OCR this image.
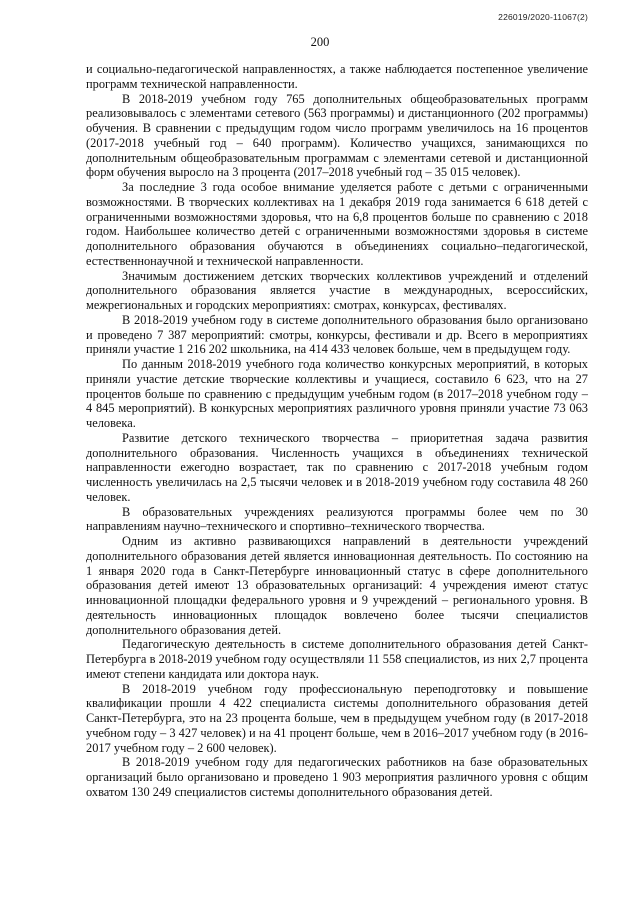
226019/2020-11067(2)
200

и социально-педагогической направленностях, а также наблюдается постепенное увеличение программ технической направленности.

В 2018-2019 учебном году 765 дополнительных общеобразовательных программ реализовывалось с элементами сетевого (563 программы) и дистанционного (202 программы) обучения. В сравнении с предыдущим годом число программ увеличилось на 16 процентов (2017-2018 учебный год – 640 программ). Количество учащихся, занимающихся по дополнительным общеобразовательным программам с элементами сетевой и дистанционной форм обучения выросло на 3 процента (2017–2018 учебный год – 35 015 человек).

За последние 3 года особое внимание уделяется работе с детьми с ограниченными возможностями. В творческих коллективах на 1 декабря 2019 года занимается 6 618 детей с ограниченными возможностями здоровья, что на 6,8 процентов больше по сравнению с 2018 годом. Наибольшее количество детей с ограниченными возможностями здоровья в системе дополнительного образования обучаются в объединениях социально–педагогической, естественнонаучной и технической направленности.

Значимым достижением детских творческих коллективов учреждений и отделений дополнительного образования является участие в международных, всероссийских, межрегиональных и городских мероприятиях: смотрах, конкурсах, фестивалях.

В 2018-2019 учебном году в системе дополнительного образования было организовано и проведено 7 387 мероприятий: смотры, конкурсы, фестивали и др. Всего в мероприятиях приняли участие 1 216 202 школьника, на 414 433 человек больше, чем в предыдущем году.

По данным 2018-2019 учебного года количество конкурсных мероприятий, в которых приняли участие детские творческие коллективы и учащиеся, составило 6 623, что на 27 процентов больше по сравнению с предыдущим учебным годом (в 2017–2018 учебном году – 4 845 мероприятий). В конкурсных мероприятиях различного уровня приняли участие 73 063 человека.

Развитие детского технического творчества – приоритетная задача развития дополнительного образования. Численность учащихся в объединениях технической направленности ежегодно возрастает, так по сравнению с 2017-2018 учебным годом численность увеличилась на 2,5 тысячи человек и в 2018-2019 учебном году составила 48 260 человек.

В образовательных учреждениях реализуются программы более чем по 30 направлениям научно–технического и спортивно–технического творчества.

Одним из активно развивающихся направлений в деятельности учреждений дополнительного образования детей является инновационная деятельность. По состоянию на 1 января 2020 года в Санкт-Петербурге инновационный статус в сфере дополнительного образования детей имеют 13 образовательных организаций: 4 учреждения имеют статус инновационной площадки федерального уровня и 9 учреждений – регионального уровня. В деятельность инновационных площадок вовлечено более тысячи специалистов дополнительного образования детей.

Педагогическую деятельность в системе дополнительного образования детей Санкт-Петербурга в 2018-2019 учебном году осуществляли 11 558 специалистов, из них 2,7 процента имеют степени кандидата или доктора наук.

В 2018-2019 учебном году профессиональную переподготовку и повышение квалификации прошли 4 422 специалиста системы дополнительного образования детей Санкт-Петербурга, это на 23 процента больше, чем в предыдущем учебном году (в 2017-2018 учебном году – 3 427 человек) и на 41 процент больше, чем в 2016–2017 учебном году (в 2016-2017 учебном году – 2 600 человек).

В 2018-2019 учебном году для педагогических работников на базе образовательных организаций было организовано и проведено 1 903 мероприятия различного уровня с общим охватом 130 249 специалистов системы дополнительного образования детей.
